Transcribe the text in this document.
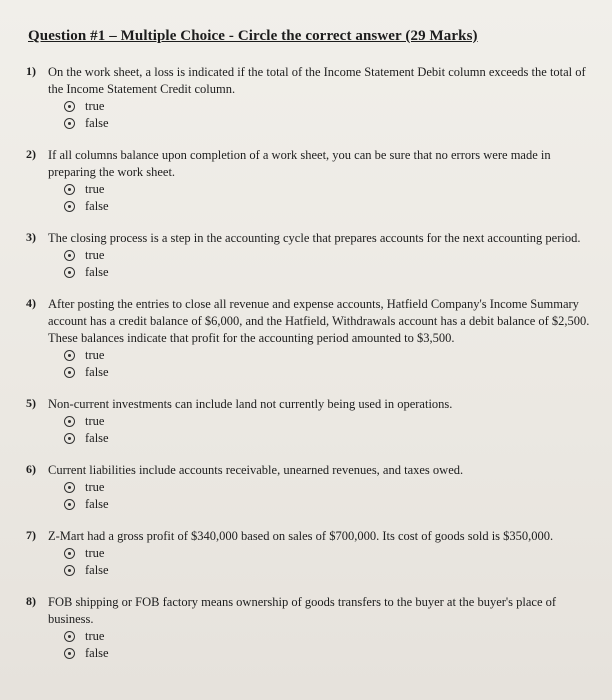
Question #1 – Multiple Choice - Circle the correct answer (29 Marks)
1) On the work sheet, a loss is indicated if the total of the Income Statement Debit column exceeds the total of the Income Statement Credit column.
true
false
2) If all columns balance upon completion of a work sheet, you can be sure that no errors were made in preparing the work sheet.
true
false
3) The closing process is a step in the accounting cycle that prepares accounts for the next accounting period.
true
false
4) After posting the entries to close all revenue and expense accounts, Hatfield Company's Income Summary account has a credit balance of $6,000, and the Hatfield, Withdrawals account has a debit balance of $2,500. These balances indicate that profit for the accounting period amounted to $3,500.
true
false
5) Non-current investments can include land not currently being used in operations.
true
false
6) Current liabilities include accounts receivable, unearned revenues, and taxes owed.
true
false
7) Z-Mart had a gross profit of $340,000 based on sales of $700,000. Its cost of goods sold is $350,000.
true
false
8) FOB shipping or FOB factory means ownership of goods transfers to the buyer at the buyer's place of business.
true
false
